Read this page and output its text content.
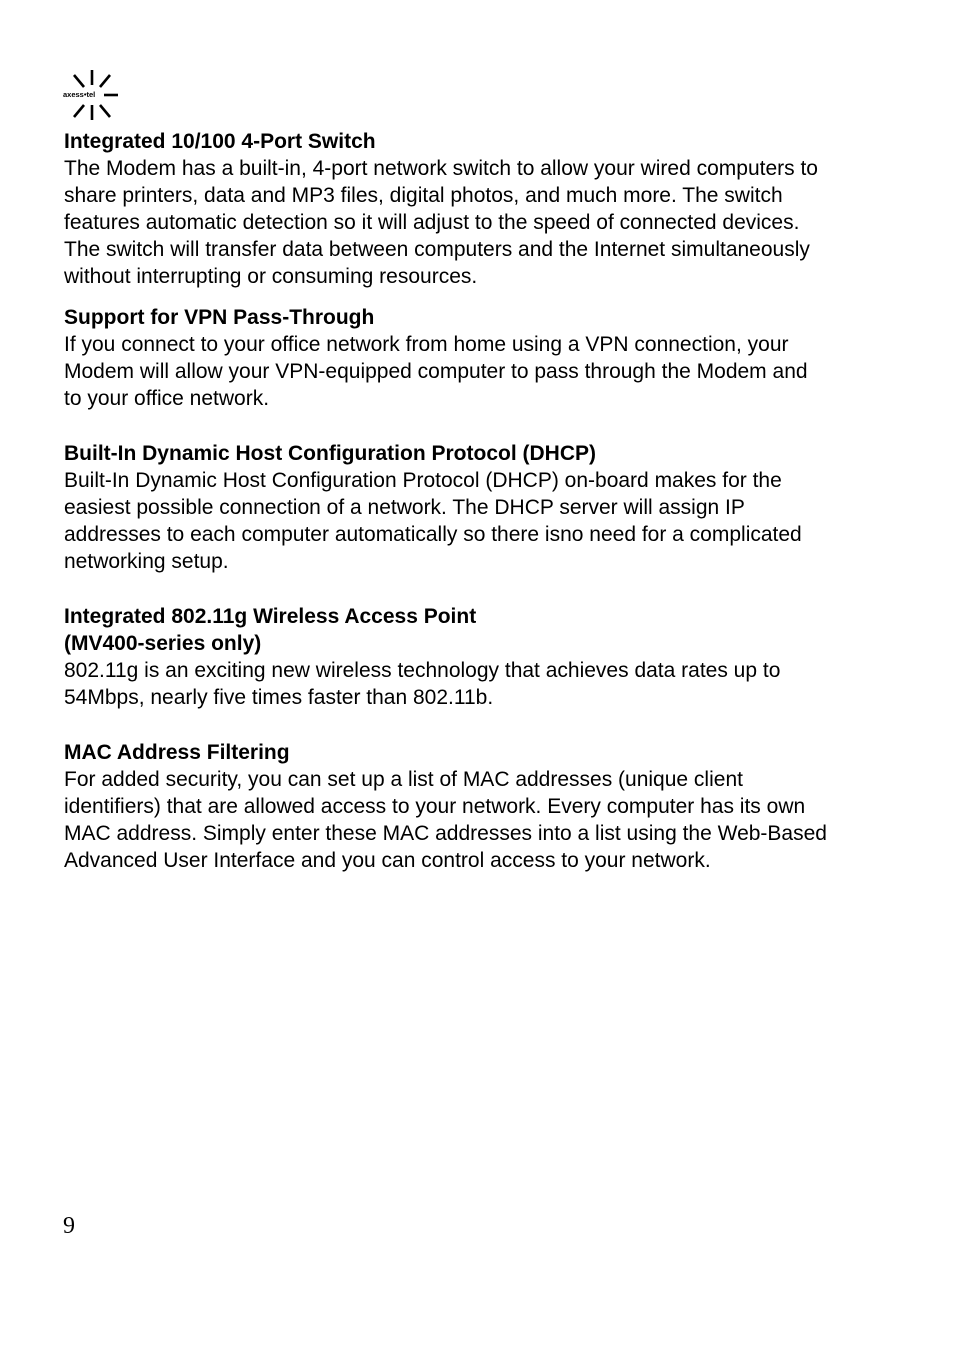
axess•tel

Integrated 10/100 4-Port Switch

The Modem has a built-in, 4-port network switch to allow your wired computers to

share printers, data and MP3 files, digital photos, and much more. The switch

features automatic detection so it will adjust to the speed of connected devices.

The switch will transfer data between computers and the Internet simultaneously

without interrupting or consuming resources.

Support for VPN Pass-Through

If you connect to your office network from home using a VPN connection, your

Modem will allow your VPN-equipped computer to pass through the Modem and

to your office network.

Built-In Dynamic Host Configuration Protocol (DHCP)

Built-In Dynamic Host Configuration Protocol (DHCP) on-board makes for the

easiest possible connection of a network. The DHCP server will assign IP

addresses to each computer automatically so there isno need for a complicated

networking setup.

Integrated 802.11g Wireless Access Point

(MV400-series only)

802.11g is an exciting new wireless technology that achieves data rates up to

54Mbps, nearly five times faster than 802.11b.

MAC Address Filtering

For added security, you can set up a list of MAC addresses (unique client

identifiers) that are allowed access to your network. Every computer has its own

MAC address. Simply enter these MAC addresses into a list using the Web-Based

Advanced User Interface and you can control access to your network.

9
